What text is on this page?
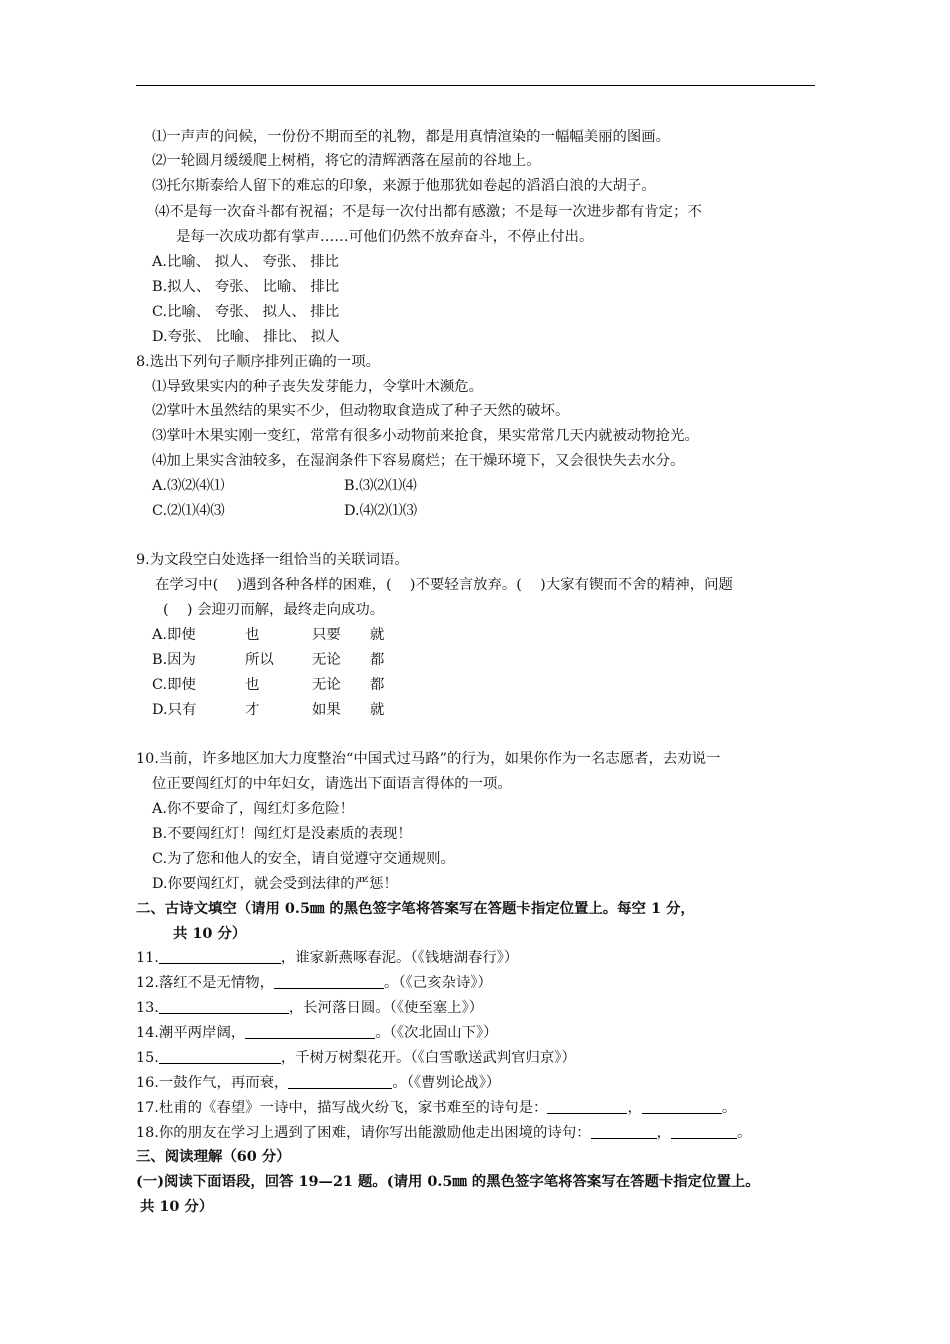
⑴一声声的问候，一份份不期而至的礼物，都是用真情渲染的一幅幅美丽的图画。
⑵一轮圆月缓缓爬上树梢，将它的清辉洒落在屋前的谷地上。
⑶托尔斯泰给人留下的难忘的印象，来源于他那犹如卷起的滔滔白浪的大胡子。
⑷不是每一次奋斗都有祝福；不是每一次付出都有感激；不是每一次进步都有肯定；不
是每一次成功都有掌声……可他们仍然不放弃奋斗，不停止付出。
A.比喻、 拟人、 夸张、 排比
B.拟人、 夸张、 比喻、 排比
C.比喻、 夸张、 拟人、 排比
D.夸张、 比喻、 排比、 拟人
8.选出下列句子顺序排列正确的一项。
⑴导致果实内的种子丧失发芽能力，令掌叶木濒危。
⑵掌叶木虽然结的果实不少，但动物取食造成了种子天然的破坏。
⑶掌叶木果实刚一变红，常常有很多小动物前来抢食，果实常常几天内就被动物抢光。
⑷加上果实含油较多，在湿润条件下容易腐烂；在干燥环境下，又会很快失去水分。
A.⑶⑵⑷⑴	B.⑶⑵⑴⑷
C.⑵⑴⑷⑶	D.⑷⑵⑴⑶
9.为文段空白处选择一组恰当的关联词语。
在学习中(    )遇到各种各样的困难，(    )不要轻言放弃。(    )大家有锲而不舍的精神，问题
(    ) 会迎刃而解，最终走向成功。
A.即使	也	只要 就
B.因为	所以	无论 都
C.即使	也	无论 都
D.只有	才	如果 就
10.当前，许多地区加大力度整治“中国式过马路”的行为，如果你作为一名志愿者，去劝说一
位正要闯红灯的中年妇女，请选出下面语言得体的一项。
A.你不要命了，闯红灯多危险！
B.不要闯红灯！闯红灯是没素质的表现！
C.为了您和他人的安全，请自觉遵守交通规则。
D.你要闯红灯，就会受到法律的严惩！
二、古诗文填空（请用 0.5㎜ 的黑色签字笔将答案写在答题卡指定位置上。每空 1 分，
共 10 分）
11.	，谁家新燕啄春泥。（《钱塘湖春行》）
12.落红不是无情物，	。（《己亥杂诗》）
13.	，长河落日圆。（《使至塞上》）
14.潮平两岸阔，	。（《次北固山下》）
15.	，千树万树梨花开。（《白雪歌送武判官归京》）
16.一鼓作气，再而衰，	。（《曹刿论战》）
17.杜甫的《春望》一诗中，描写战火纷飞，家书难至的诗句是：	，	。
18.你的朋友在学习上遇到了困难，请你写出能激励他走出困境的诗句：	，	。
三、阅读理解（60 分）
(一)阅读下面语段，回答 19—21 题。(请用 0.5㎜ 的黑色签字笔将答案写在答题卡指定位置上。
共 10 分）
